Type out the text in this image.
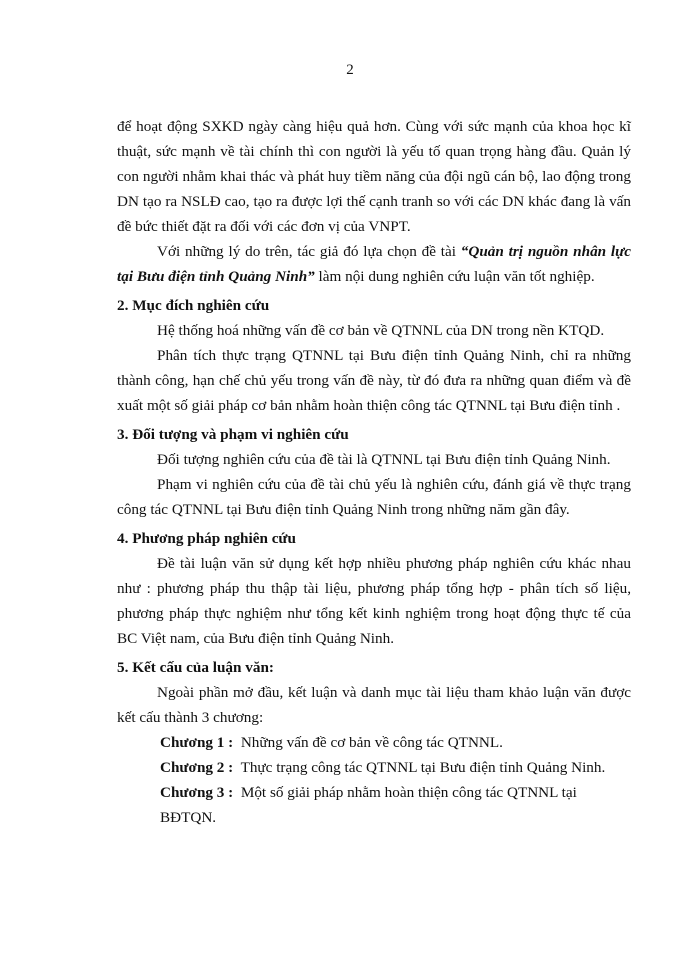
2

để hoạt động SXKD ngày càng hiệu quả hơn. Cùng với sức mạnh của khoa học kĩ thuật, sức mạnh về tài chính thì con người là yếu tố quan trọng hàng đầu. Quản lý con người nhằm khai thác và phát huy tiềm năng của đội ngũ cán bộ, lao động trong DN tạo ra NSLĐ cao, tạo ra được lợi thế cạnh tranh so với các DN khác đang là vấn đề bức thiết đặt ra đối với các đơn vị của VNPT.

Với những lý do trên, tác giả đó lựa chọn đề tài “Quản trị nguồn nhân lực tại Bưu điện tỉnh Quảng Ninh” làm nội dung nghiên cứu luận văn tốt nghiệp.

2. Mục đích nghiên cứu

Hệ thống hoá những vấn đề cơ bản về QTNNL của DN trong nền KTQD.

Phân tích thực trạng QTNNL tại Bưu điện tỉnh Quảng Ninh, chỉ ra những thành công, hạn chế chủ yếu trong vấn đề này, từ đó đưa ra những quan điểm và đề xuất một số giải pháp cơ bản nhằm hoàn thiện công tác QTNNL tại Bưu điện tỉnh .

3. Đối tượng và phạm vi nghiên cứu

Đối tượng nghiên cứu của đề tài là QTNNL tại Bưu điện tỉnh Quảng Ninh.

Phạm vi nghiên cứu của đề tài chủ yếu là nghiên cứu, đánh giá về thực trạng công tác QTNNL tại Bưu điện tỉnh Quảng Ninh trong những năm gần đây.

4. Phương pháp nghiên cứu

Đề tài luận văn sử dụng kết hợp nhiều phương pháp nghiên cứu khác nhau như : phương pháp thu thập tài liệu, phương pháp tổng hợp - phân tích số liệu, phương pháp thực nghiệm như tổng kết kinh nghiệm trong hoạt động thực tế của BC Việt nam, của Bưu điện tỉnh Quảng Ninh.

5. Kết cấu của luận văn:

Ngoài phần mở đầu, kết luận và danh mục tài liệu tham khảo luận văn được kết cấu thành 3 chương:

Chương 1 : Những vấn đề cơ bản về công tác QTNNL.

Chương 2 : Thực trạng công tác QTNNL tại Bưu điện tỉnh Quảng Ninh.

Chương 3 : Một số giải pháp nhằm hoàn thiện công tác QTNNL tại BĐTQN.
